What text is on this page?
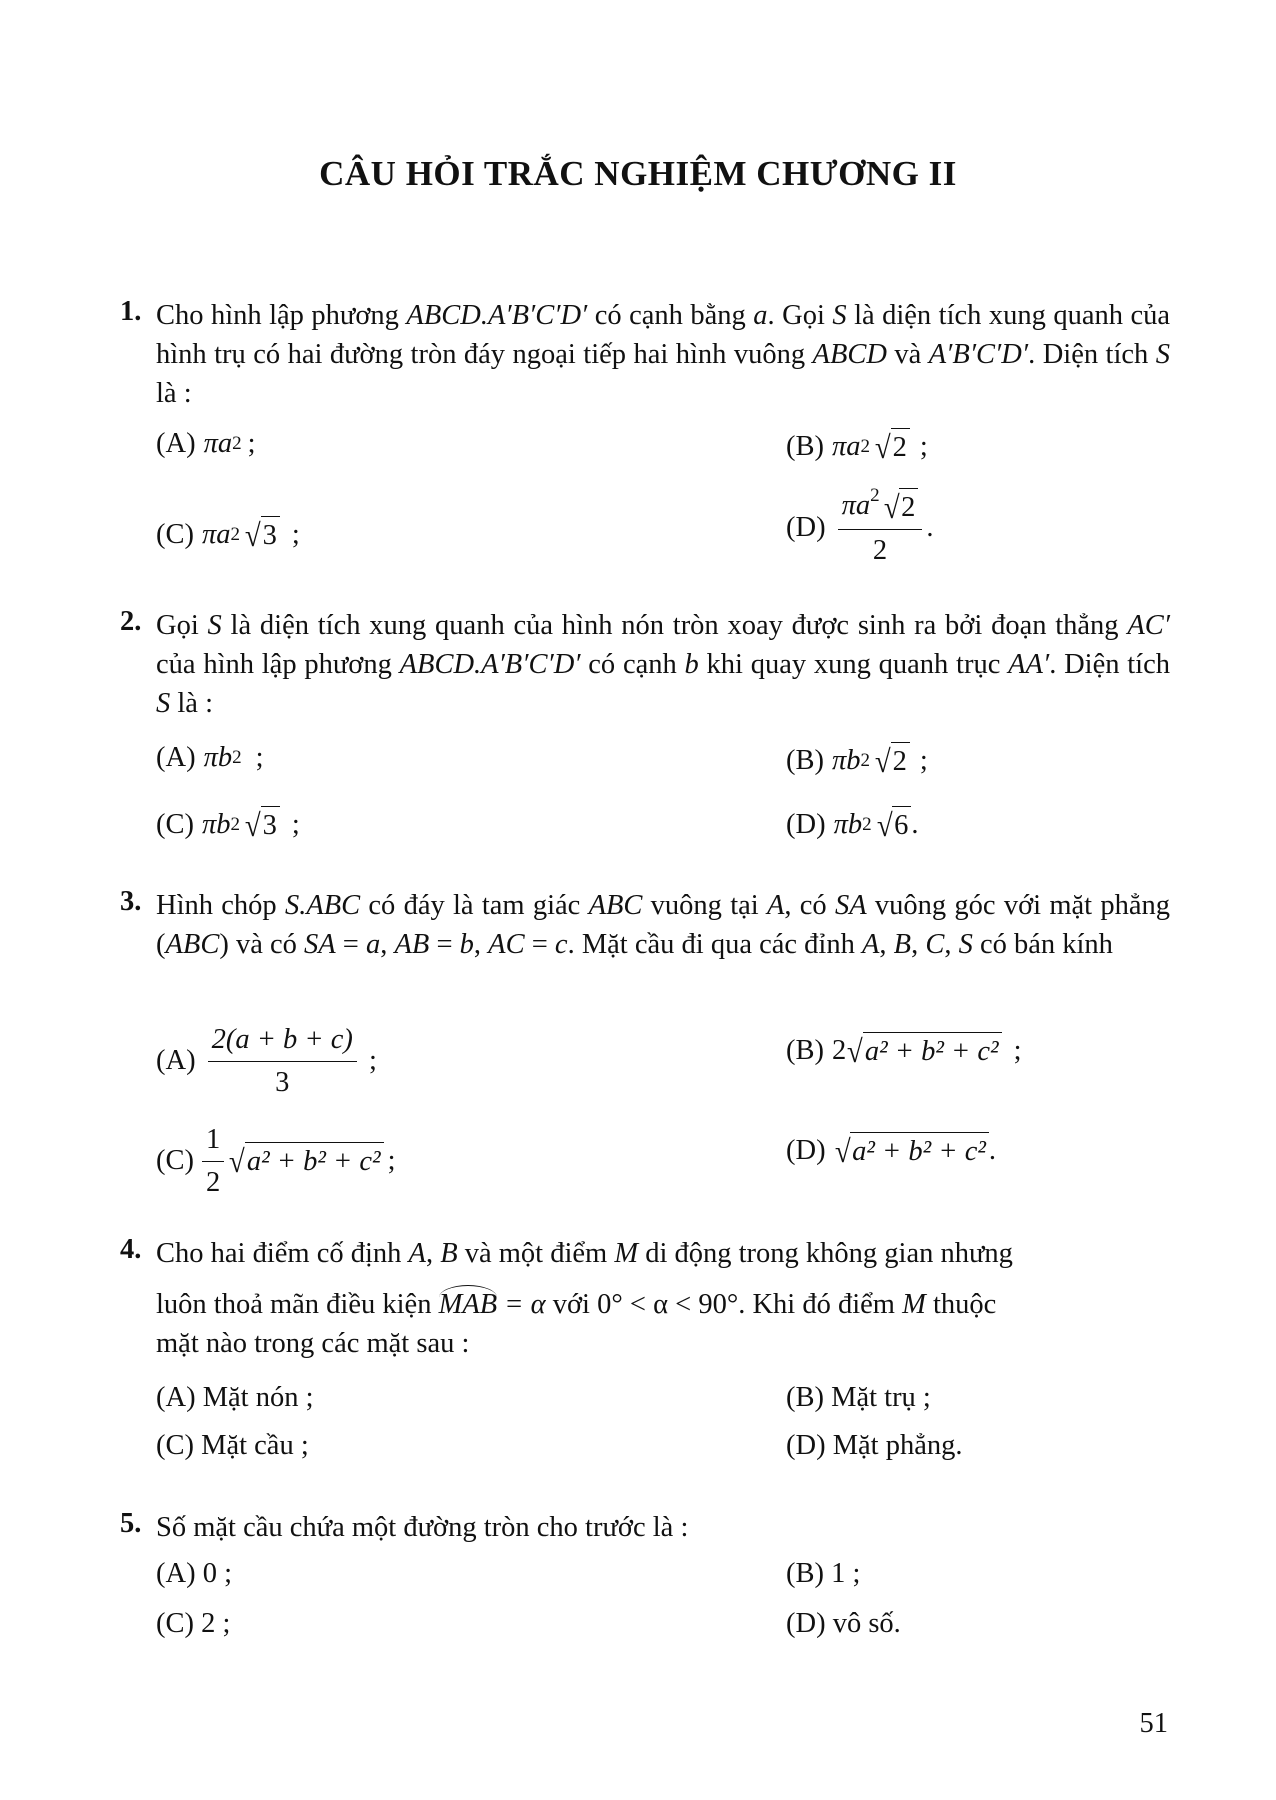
CÂU HỎI TRẮC NGHIỆM CHƯƠNG II
1. Cho hình lập phương ABCD.A′B′C′D′ có cạnh bằng a. Gọi S là diện tích xung quanh của hình trụ có hai đường tròn đáy ngoại tiếp hai hình vuông ABCD và A′B′C′D′. Diện tích S là :
(A) π a 2 ;	(B) π a 2 √ 2 ;
(C) π a 2 √ 3 ;	$(D) \frac{\pi a^2 √ 2}{2}$ .
2. Gọi S là diện tích xung quanh của hình nón tròn xoay được sinh ra bởi đoạn thẳng AC′ của hình lập phương ABCD.A′B′C′D′ có cạnh b khi quay xung quanh trục AA′. Diện tích S là :
(A) π b 2 ;	(B) π b 2 √ 2 ;
(C) π b 2 √ 3 ;	(D) π b 2 √ 6 .
3. Hình chóp S.ABC có đáy là tam giác ABC vuông tại A, có SA vuông góc với mặt phẳng (ABC) và có SA = a, AB = b, AC = c. Mặt cầu đi qua các đỉnh A, B, C, S có bán kính
$(A) \frac{2(a + b + c)}{3}$ ;	(B) 2 √ a² + b² + c² ;
$(C) \frac{1}{2}$ √ a² + b² + c² ;	(D) √ a² + b² + c² .
4. Cho hai điểm cố định A, B và một điểm M di động trong không gian nhưng
luôn thoả mãn điều kiện MAB = α với 0° < α < 90°. Khi đó điểm M thuộc
mặt nào trong các mặt sau :
(A) Mặt nón ;	(B) Mặt trụ ;
(C) Mặt cầu ;	(D) Mặt phẳng.
5. Số mặt cầu chứa một đường tròn cho trước là :
(A) 0 ;	(B) 1 ;
(C) 2 ;	(D) vô số.
51
